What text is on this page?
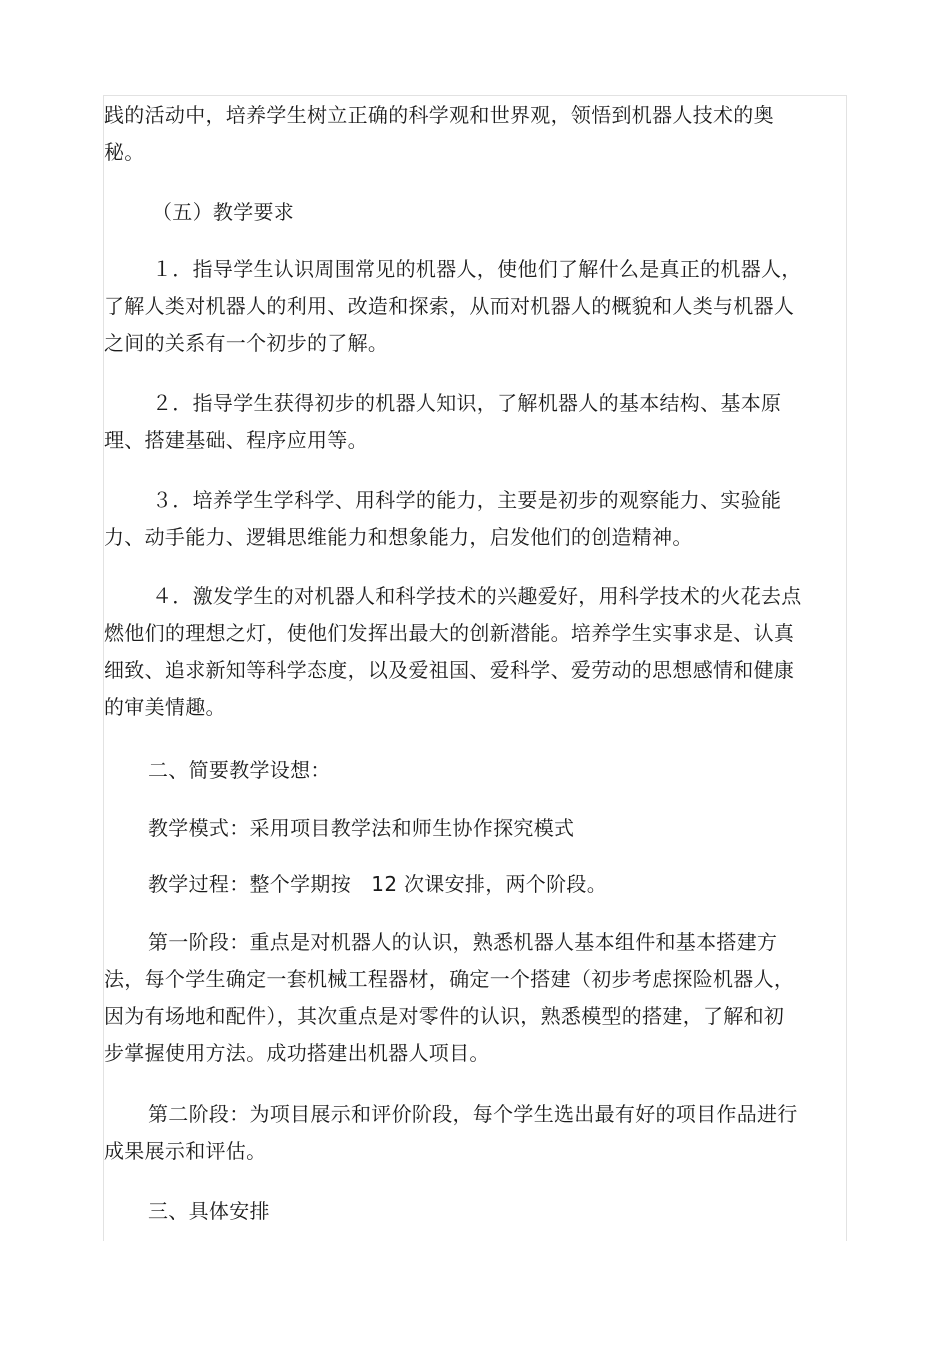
践的活动中，培养学生树立正确的科学观和世界观，领悟到机器人技术的奥秘。

（五）教学要求

１．指导学生认识周围常见的机器人，使他们了解什么是真正的机器人，了解人类对机器人的利用、改造和探索，从而对机器人的概貌和人类与机器人之间的关系有一个初步的了解。

２．指导学生获得初步的机器人知识，了解机器人的基本结构、基本原理、搭建基础、程序应用等。

３．培养学生学科学、用科学的能力，主要是初步的观察能力、实验能力、动手能力、逻辑思维能力和想象能力，启发他们的创造精神。

４．激发学生的对机器人和科学技术的兴趣爱好，用科学技术的火花去点燃他们的理想之灯，使他们发挥出最大的创新潜能。培养学生实事求是、认真细致、追求新知等科学态度，以及爱祖国、爱科学、爱劳动的思想感情和健康的审美情趣。

二、简要教学设想：

教学模式：采用项目教学法和师生协作探究模式

教学过程：整个学期按　12 次课安排，两个阶段。

第一阶段：重点是对机器人的认识，熟悉机器人基本组件和基本搭建方法，每个学生确定一套机械工程器材，确定一个搭建（初步考虑探险机器人，因为有场地和配件），其次重点是对零件的认识，熟悉模型的搭建，了解和初步掌握使用方法。成功搭建出机器人项目。

第二阶段：为项目展示和评价阶段，每个学生选出最有好的项目作品进行成果展示和评估。

三、具体安排
